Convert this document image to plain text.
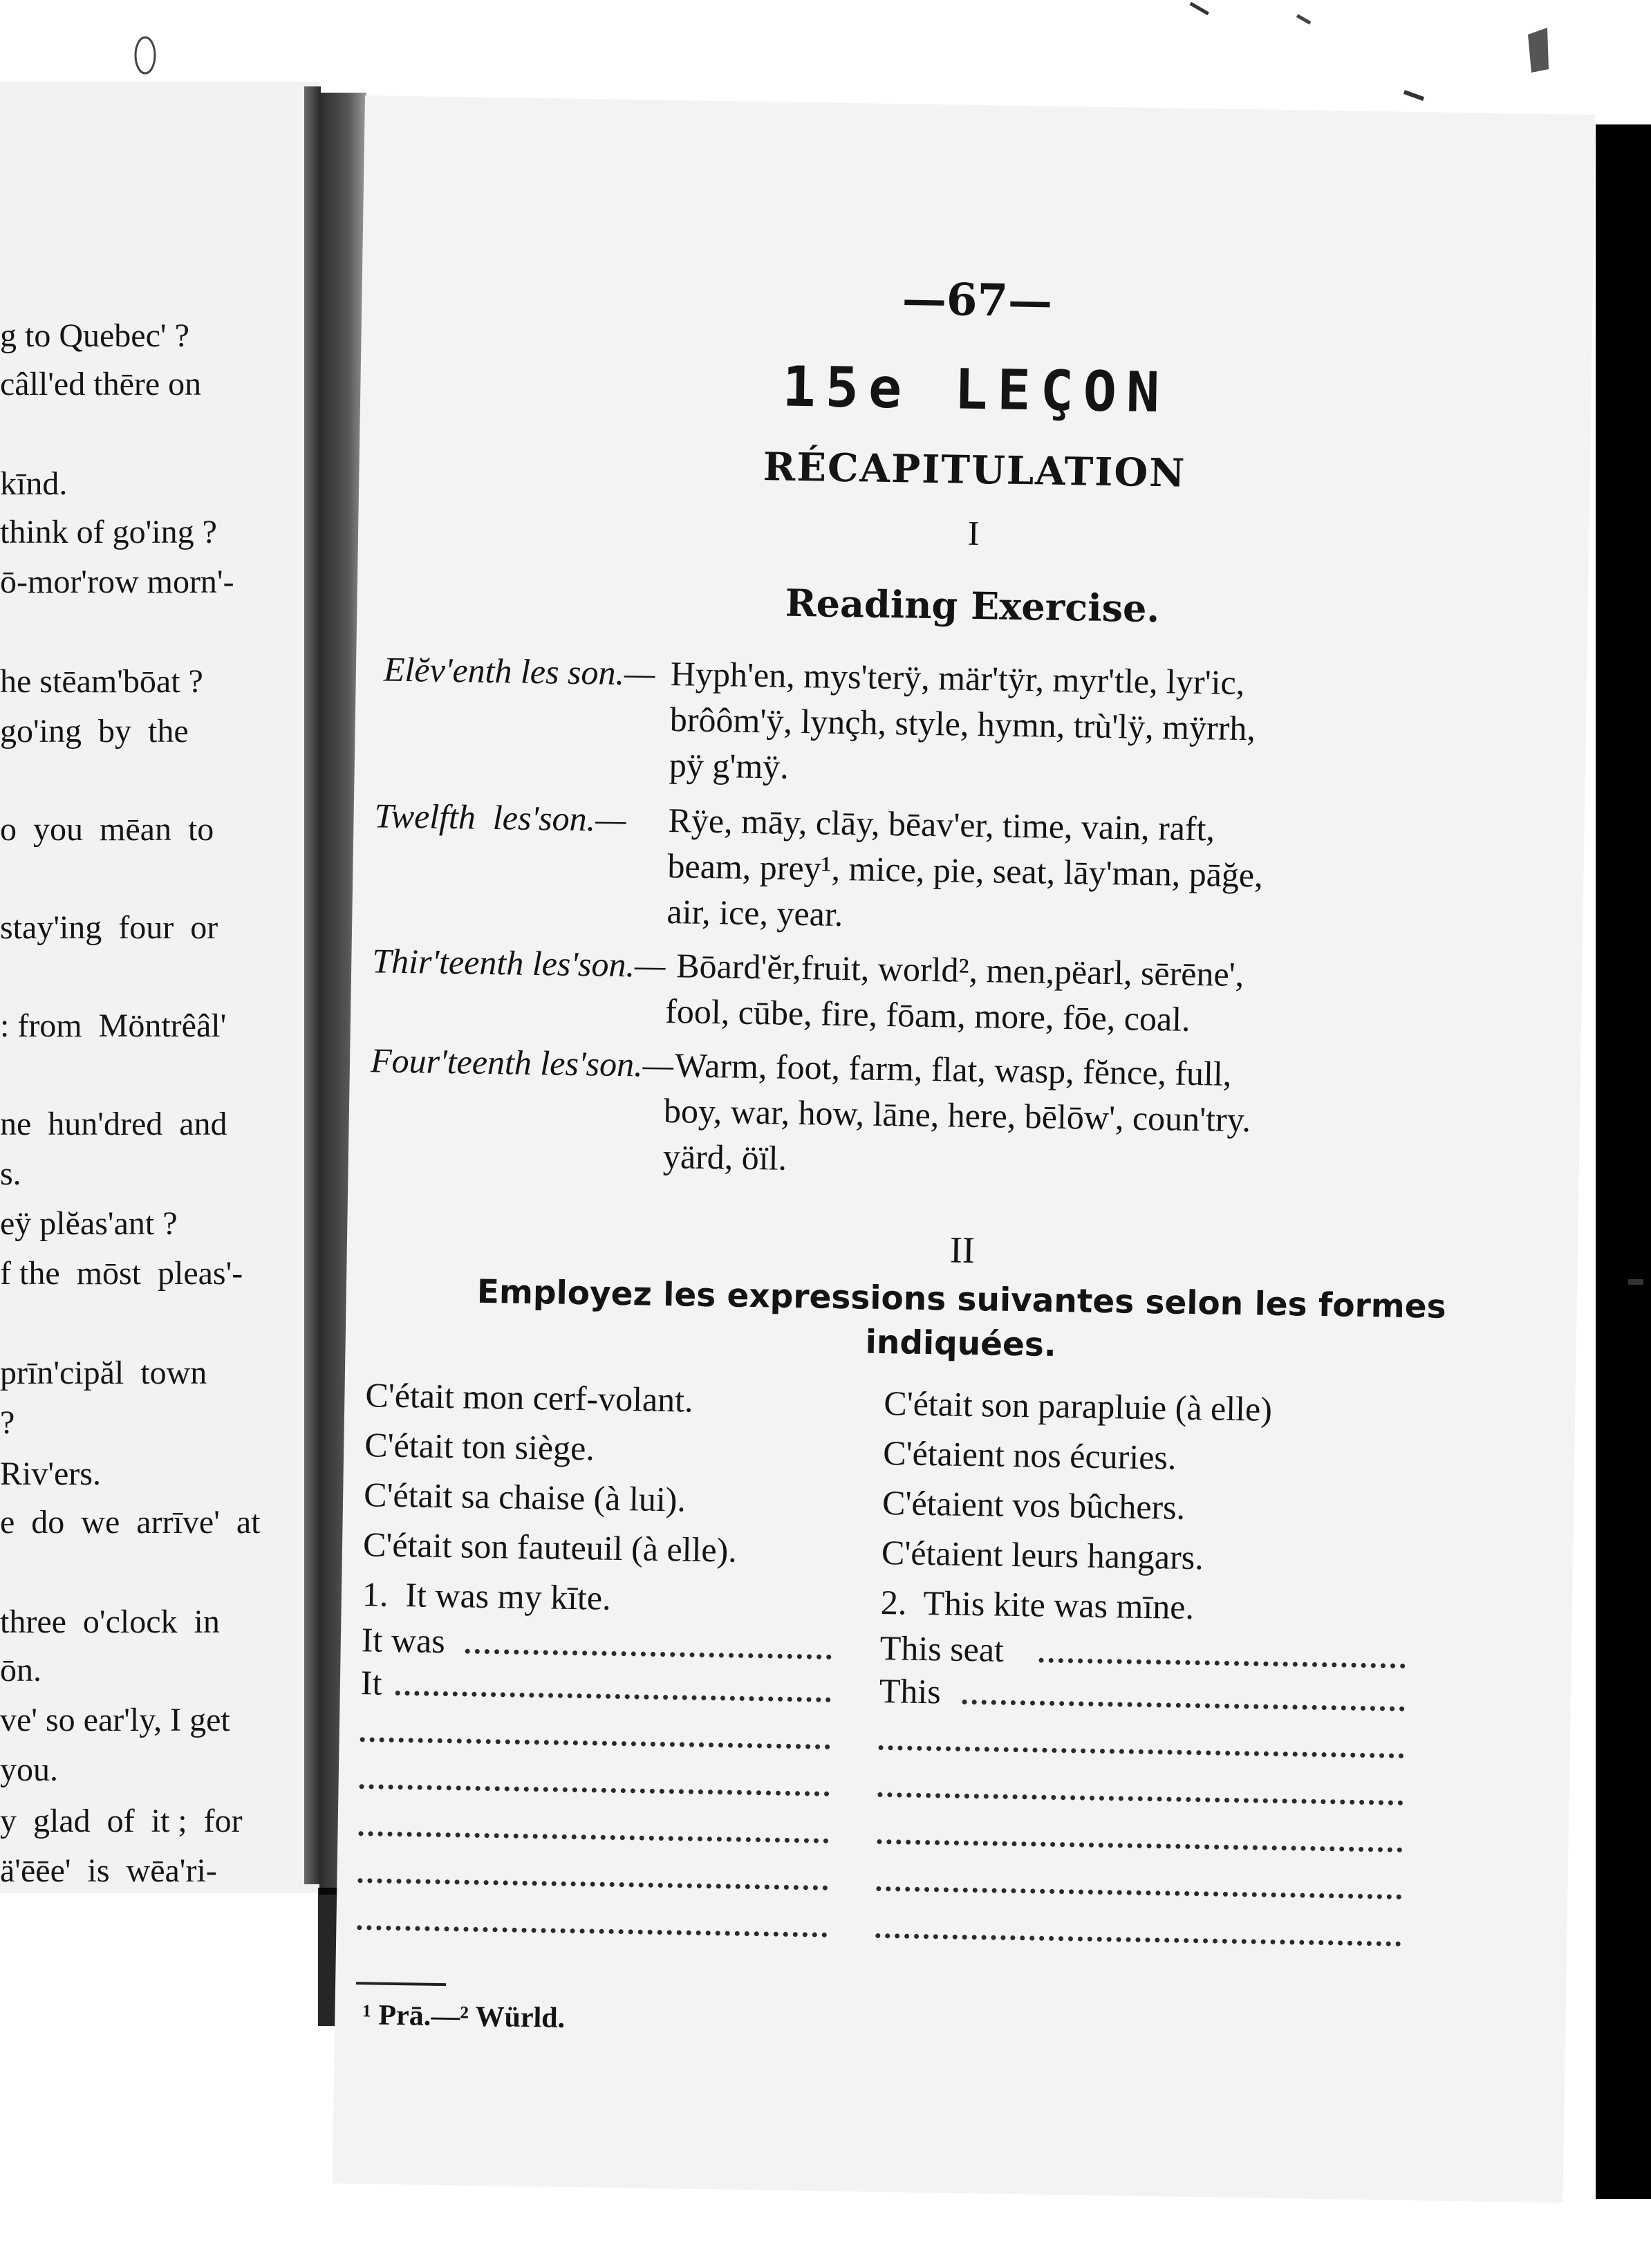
g to Quebec' ?
câll'ed thēre on
kīnd.
think of go'ing ?
ō-mor'row morn'-
he stēam'bōat ?
go'ing  by  the
o  you  mēan  to
stay'ing  four  or
: from  Möntrêâl'
ne  hun'dred  and
s.
eÿ plĕas'ant ?
f the  mōst  pleas'-
prīn'cipăl  town
?
Riv'ers.
e  do  we  arrīve'  at
three  o'clock  in
ōn.
ve' so ear'ly, I get
you.
y  glad  of  it ;  for
ä'ēēe'  is  wēa'ri-
—67—
15e LEÇON
RÉCAPITULATION
I
Reading Exercise.
Elĕv'enth les son.— Hyph'en, mys'terÿ, mär'tÿr, myr'tle, lyr'ic,
brôôm'ÿ, lynçh, style, hymn, trù'lÿ, mÿrrh,
pÿ g'mÿ.
Twelfth  les'son.— Rÿe, māy, clāy, bēav'er, time, vain, raft,
beam, prey¹, mice, pie, seat, lāy'man, pāğe,
air, ice, year.
Thir'teenth les'son.— Bōard'ĕr,fruit, world², men,pëarl, sērēne',
fool, cūbe, fire, fōam, more, fōe, coal.
Four'teenth les'son.— Warm, foot, farm, flat, wasp, fĕnce, full,
boy, war, how, lāne, here, bēlōw', coun'try.
yärd, öïl.
II
Employez les expressions suivantes selon les formes
indiquées.
C'était mon cerf-volant.
C'était ton siège.
C'était sa chaise (à lui).
C'était son fauteuil (à elle).
1.  It was my kīte.
It was
It
C'était son parapluie (à elle)
C'étaient nos écuries.
C'étaient vos bûchers.
C'étaient leurs hangars.
2.  This kite was mīne.
This seat
This
¹ Prā.—² Würld.
